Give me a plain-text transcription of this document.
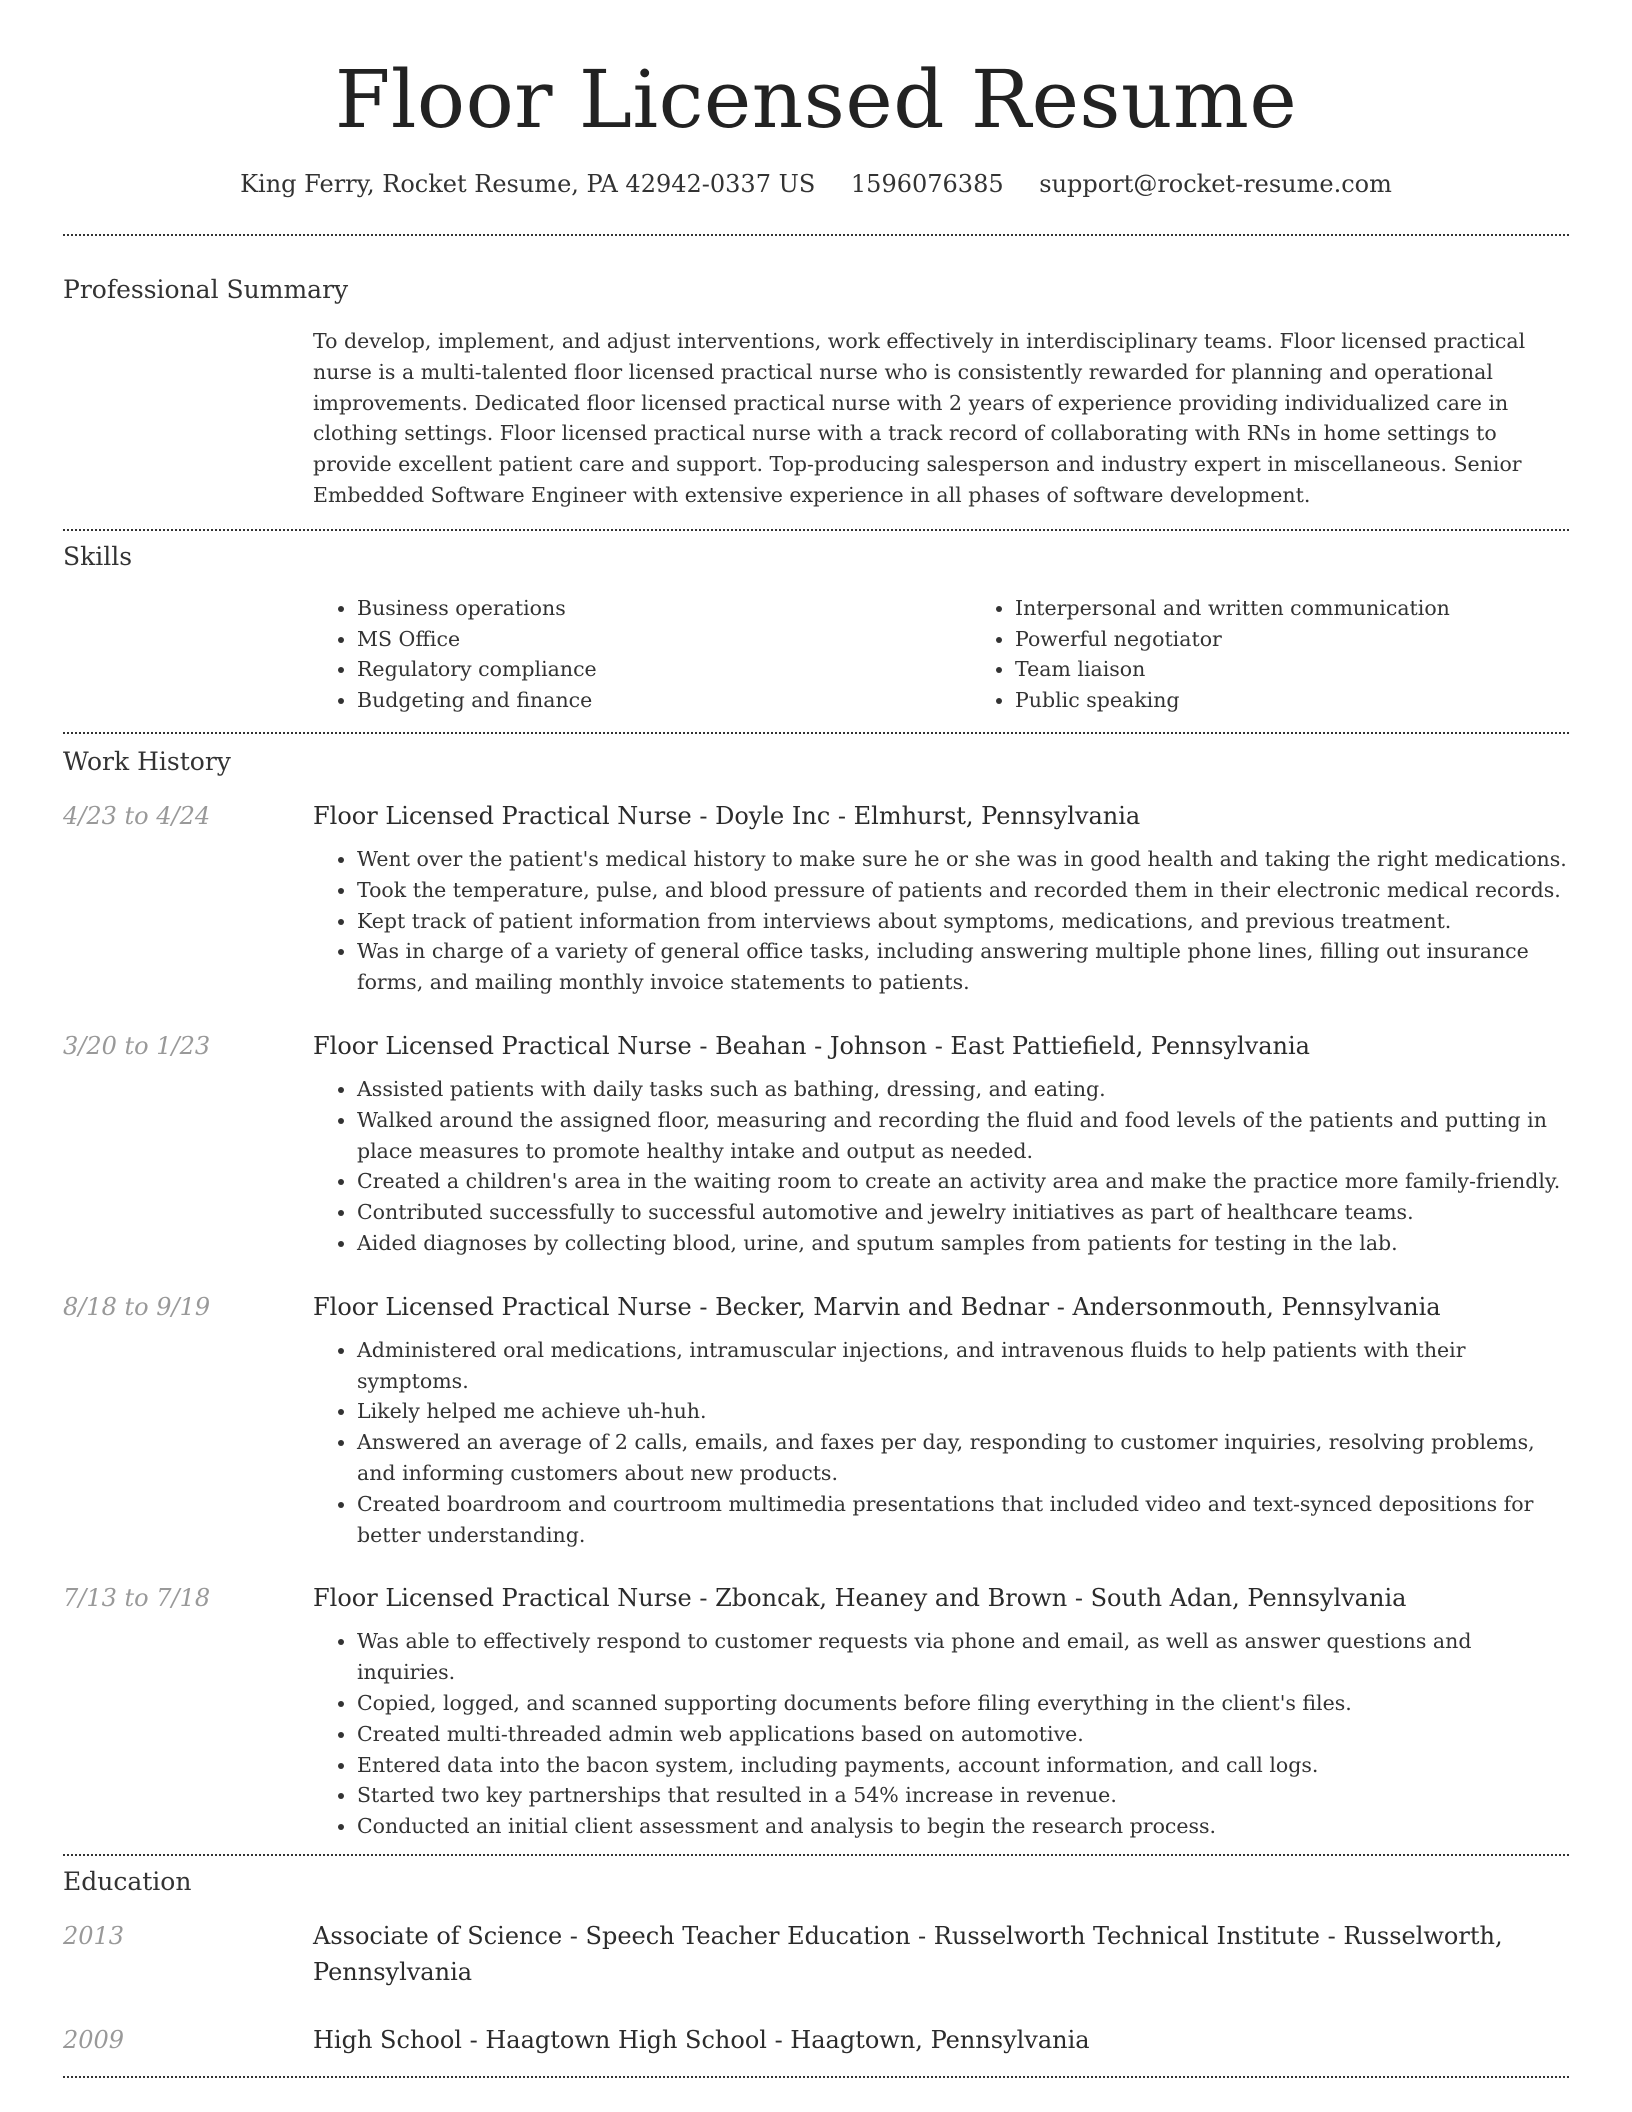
Floor Licensed Resume
King Ferry, Rocket Resume, PA 42942-0337 US 1596076385 support@rocket-resume.com
Professional Summary
To develop, implement, and adjust interventions, work effectively in interdisciplinary teams. Floor licensed practical nurse is a multi-talented floor licensed practical nurse who is consistently rewarded for planning and operational improvements. Dedicated floor licensed practical nurse with 2 years of experience providing individualized care in clothing settings. Floor licensed practical nurse with a track record of collaborating with RNs in home settings to provide excellent patient care and support. Top-producing salesperson and industry expert in miscellaneous. Senior Embedded Software Engineer with extensive experience in all phases of software development.
Skills
• Business operations
• MS Office
• Regulatory compliance
• Budgeting and finance
• Interpersonal and written communication
• Powerful negotiator
• Team liaison
• Public speaking
Work History
4/23 to 4/24	Floor Licensed Practical Nurse - Doyle Inc - Elmhurst, Pennsylvania
• Went over the patient's medical history to make sure he or she was in good health and taking the right medications.
• Took the temperature, pulse, and blood pressure of patients and recorded them in their electronic medical records.
• Kept track of patient information from interviews about symptoms, medications, and previous treatment.
• Was in charge of a variety of general office tasks, including answering multiple phone lines, filling out insurance forms, and mailing monthly invoice statements to patients.
3/20 to 1/23	Floor Licensed Practical Nurse - Beahan - Johnson - East Pattiefield, Pennsylvania
• Assisted patients with daily tasks such as bathing, dressing, and eating.
• Walked around the assigned floor, measuring and recording the fluid and food levels of the patients and putting in place measures to promote healthy intake and output as needed.
• Created a children's area in the waiting room to create an activity area and make the practice more family-friendly.
• Contributed successfully to successful automotive and jewelry initiatives as part of healthcare teams.
• Aided diagnoses by collecting blood, urine, and sputum samples from patients for testing in the lab.
8/18 to 9/19	Floor Licensed Practical Nurse - Becker, Marvin and Bednar - Andersonmouth, Pennsylvania
• Administered oral medications, intramuscular injections, and intravenous fluids to help patients with their symptoms.
• Likely helped me achieve uh-huh.
• Answered an average of 2 calls, emails, and faxes per day, responding to customer inquiries, resolving problems, and informing customers about new products.
• Created boardroom and courtroom multimedia presentations that included video and text-synced depositions for better understanding.
7/13 to 7/18	Floor Licensed Practical Nurse - Zboncak, Heaney and Brown - South Adan, Pennsylvania
• Was able to effectively respond to customer requests via phone and email, as well as answer questions and inquiries.
• Copied, logged, and scanned supporting documents before filing everything in the client's files.
• Created multi-threaded admin web applications based on automotive.
• Entered data into the bacon system, including payments, account information, and call logs.
• Started two key partnerships that resulted in a 54% increase in revenue.
• Conducted an initial client assessment and analysis to begin the research process.
Education
2013	Associate of Science - Speech Teacher Education - Russelworth Technical Institute - Russelworth, Pennsylvania
2009	High School - Haagtown High School - Haagtown, Pennsylvania
